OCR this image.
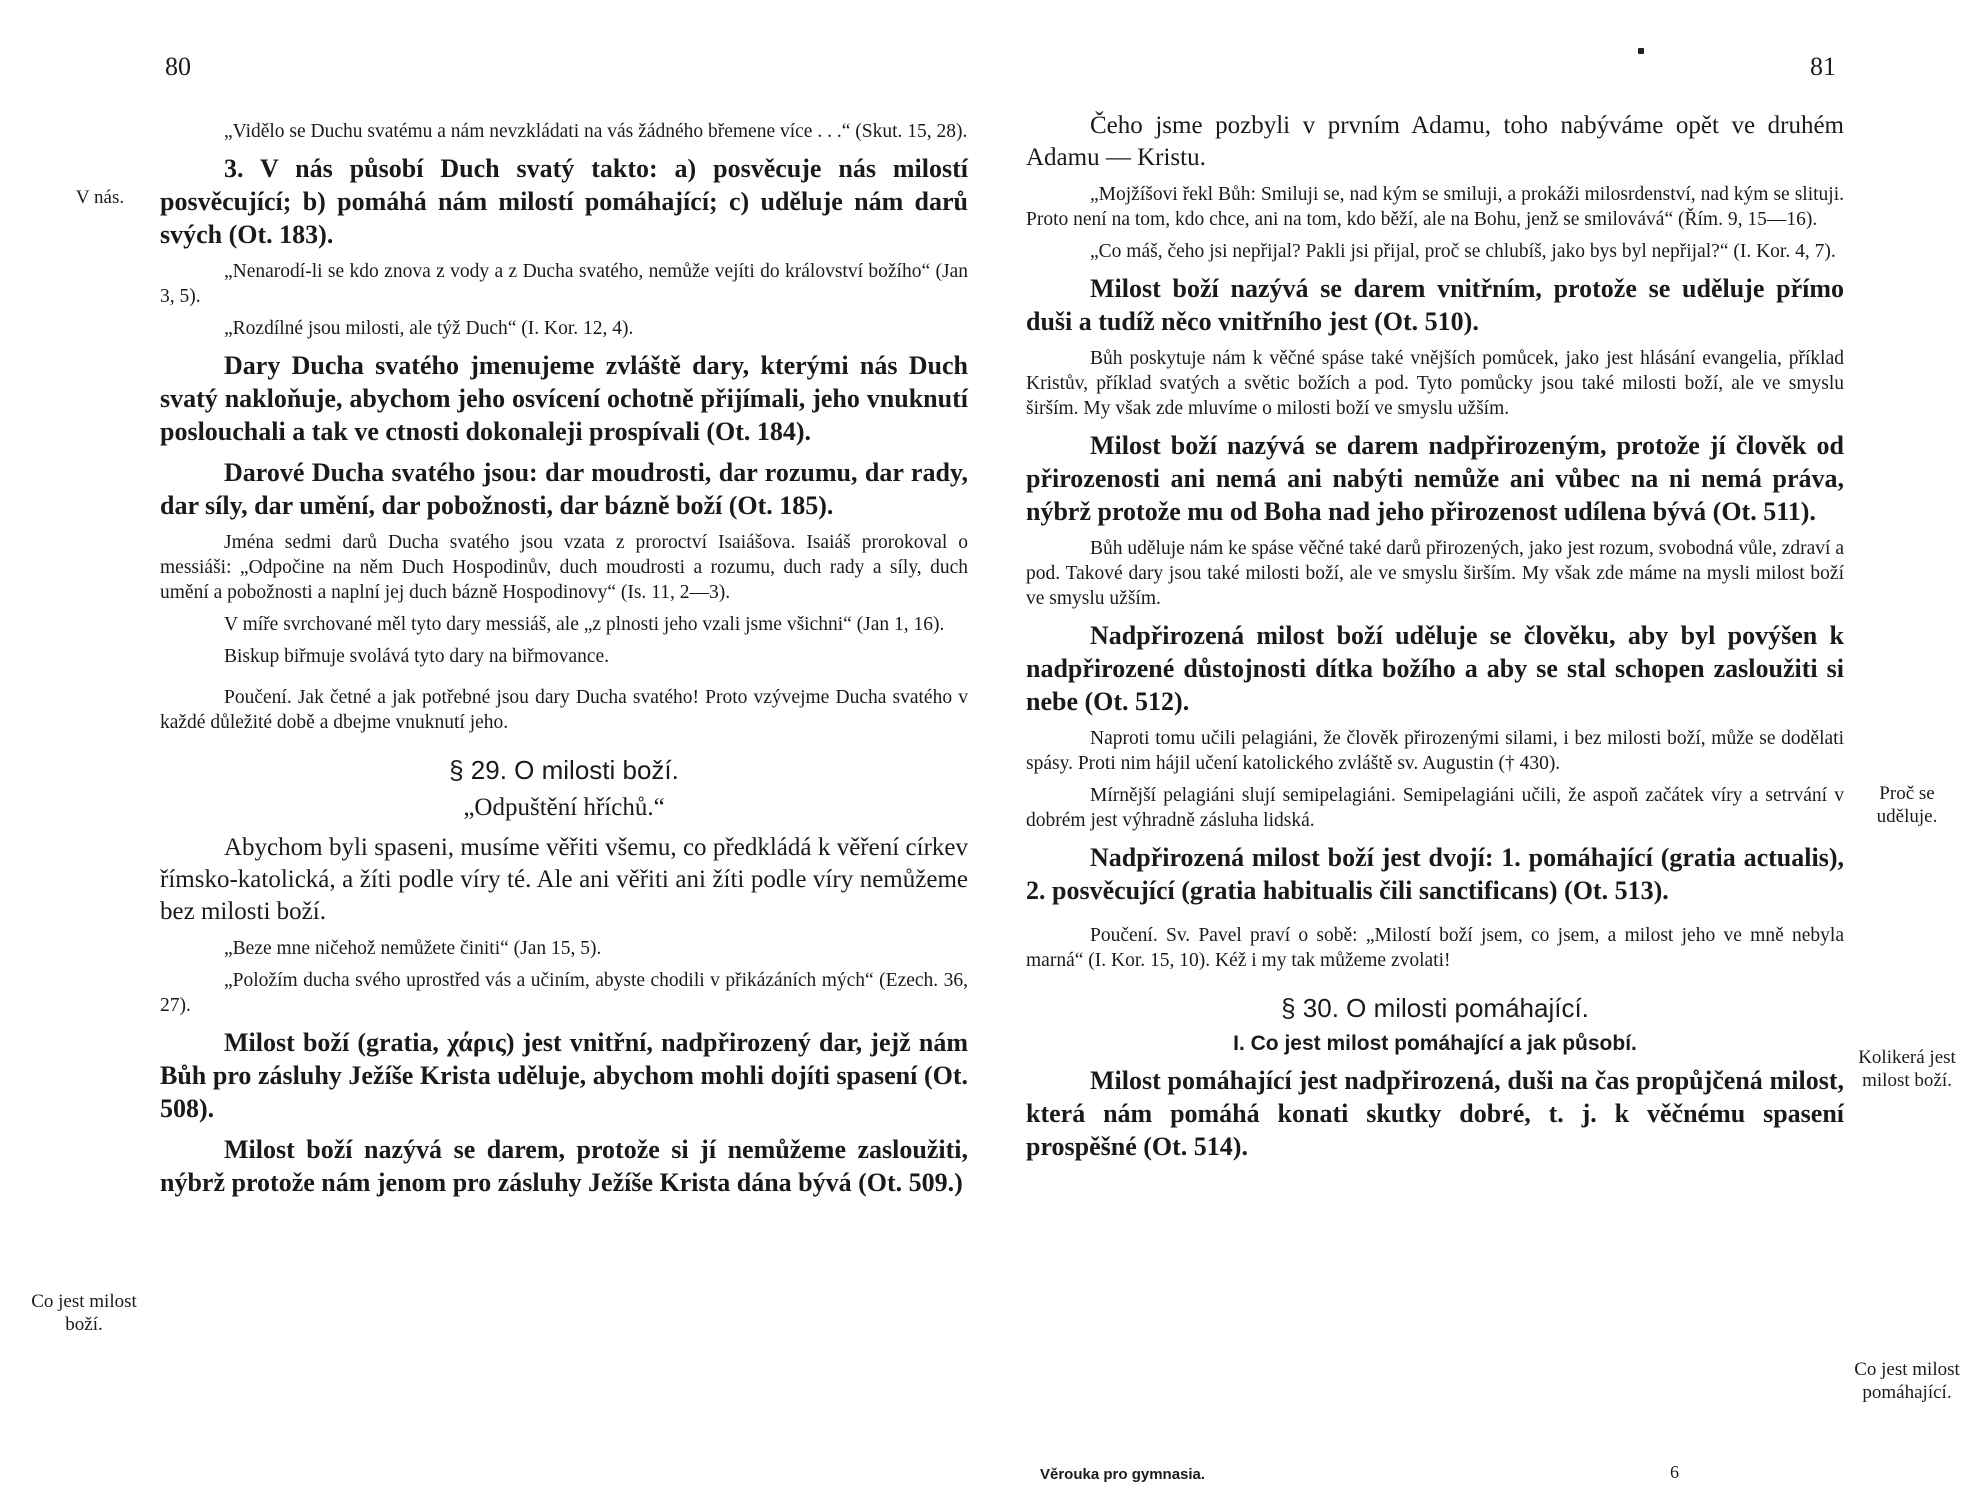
80
V nás.
Co jest milost boží.

„Vidělo se Duchu svatému a nám nevzkládati na vás žádného břemene více . . .“ (Skut. 15, 28).

3. V nás působí Duch svatý takto: a) posvěcuje nás milostí posvěcující; b) pomáhá nám milostí pomáhající; c) uděluje nám darů svých (Ot. 183).

„Nenarodí-li se kdo znova z vody a z Ducha svatého, nemůže vejíti do království božího“ (Jan 3, 5).

„Rozdílné jsou milosti, ale týž Duch“ (I. Kor. 12, 4).

Dary Ducha svatého jmenujeme zvláště dary, kterými nás Duch svatý nakloňuje, abychom jeho osvícení ochotně přijímali, jeho vnuknutí poslouchali a tak ve ctnosti dokonaleji prospívali (Ot. 184).

Darové Ducha svatého jsou: dar moudrosti, dar rozumu, dar rady, dar síly, dar umění, dar pobožnosti, dar bázně boží (Ot. 185).

Jména sedmi darů Ducha svatého jsou vzata z proroctví Isaiášova. Isaiáš prorokoval o messiáši: „Odpočine na něm Duch Hospodinův, duch moudrosti a rozumu, duch rady a síly, duch umění a pobožnosti a naplní jej duch bázně Hospodinovy“ (Is. 11, 2—3).

V míře svrchované měl tyto dary messiáš, ale „z plnosti jeho vzali jsme všichni“ (Jan 1, 16).

Biskup biřmuje svolává tyto dary na biřmovance.

Poučení. Jak četné a jak potřebné jsou dary Ducha svatého! Proto vzývejme Ducha svatého v každé důležité době a dbejme vnuknutí jeho.

§ 29. O milosti boží.
„Odpuštění hříchů.“

Abychom byli spaseni, musíme věřiti všemu, co předkládá k věření církev římsko-katolická, a žíti podle víry té. Ale ani věřiti ani žíti podle víry nemůžeme bez milosti boží.

„Beze mne ničehož nemůžete činiti“ (Jan 15, 5).

„Položím ducha svého uprostřed vás a učiním, abyste chodili v přikázáních mých“ (Ezech. 36, 27).

Milost boží (gratia, χάρις) jest vnitřní, nadpřirozený dar, jejž nám Bůh pro zásluhy Ježíše Krista uděluje, abychom mohli dojíti spasení (Ot. 508).

Milost boží nazývá se darem, protože si jí nemůžeme zasloužiti, nýbrž protože nám jenom pro zásluhy Ježíše Krista dána bývá (Ot. 509.)

81
Proč se uděluje.
Kolikerá jest milost boží.
Co jest milost pomáhající.

Čeho jsme pozbyli v prvním Adamu, toho nabýváme opět ve druhém Adamu — Kristu.

„Mojžíšovi řekl Bůh: Smiluji se, nad kým se smiluji, a prokáži milosrdenství, nad kým se slituji. Proto není na tom, kdo chce, ani na tom, kdo běží, ale na Bohu, jenž se smilovává“ (Řím. 9, 15—16).

„Co máš, čeho jsi nepřijal? Pakli jsi přijal, proč se chlubíš, jako bys byl nepřijal?“ (I. Kor. 4, 7).

Milost boží nazývá se darem vnitřním, protože se uděluje přímo duši a tudíž něco vnitřního jest (Ot. 510).

Bůh poskytuje nám k věčné spáse také vnějších pomůcek, jako jest hlásání evangelia, příklad Kristův, příklad svatých a světic božích a pod. Tyto pomůcky jsou také milosti boží, ale ve smyslu širším. My však zde mluvíme o milosti boží ve smyslu užším.

Milost boží nazývá se darem nadpřirozeným, protože jí člověk od přirozenosti ani nemá ani nabýti nemůže ani vůbec na ni nemá práva, nýbrž protože mu od Boha nad jeho přirozenost udílena bývá (Ot. 511).

Bůh uděluje nám ke spáse věčné také darů přirozených, jako jest rozum, svobodná vůle, zdraví a pod. Takové dary jsou také milosti boží, ale ve smyslu širším. My však zde máme na mysli milost boží ve smyslu užším.

Nadpřirozená milost boží uděluje se člověku, aby byl povýšen k nadpřirozené důstojnosti dítka božího a aby se stal schopen zasloužiti si nebe (Ot. 512).

Naproti tomu učili pelagiáni, že člověk přirozenými silami, i bez milosti boží, může se dodělati spásy. Proti nim hájil učení katolického zvláště sv. Augustin († 430).

Mírnější pelagiáni slují semipelagiáni. Semipelagiáni učili, že aspoň začátek víry a setrvání v dobrém jest výhradně zásluha lidská.

Nadpřirozená milost boží jest dvojí: 1. pomáhající (gratia actualis), 2. posvěcující (gratia habitualis čili sanctificans) (Ot. 513).

Poučení. Sv. Pavel praví o sobě: „Milostí boží jsem, co jsem, a milost jeho ve mně nebyla marná“ (I. Kor. 15, 10). Kéž i my tak můžeme zvolati!

§ 30. O milosti pomáhající.
I. Co jest milost pomáhající a jak působí.

Milost pomáhající jest nadpřirozená, duši na čas propůjčená milost, která nám pomáhá konati skutky dobré, t. j. k věčnému spasení prospěšné (Ot. 514).

Věrouka pro gymnasia.	6
